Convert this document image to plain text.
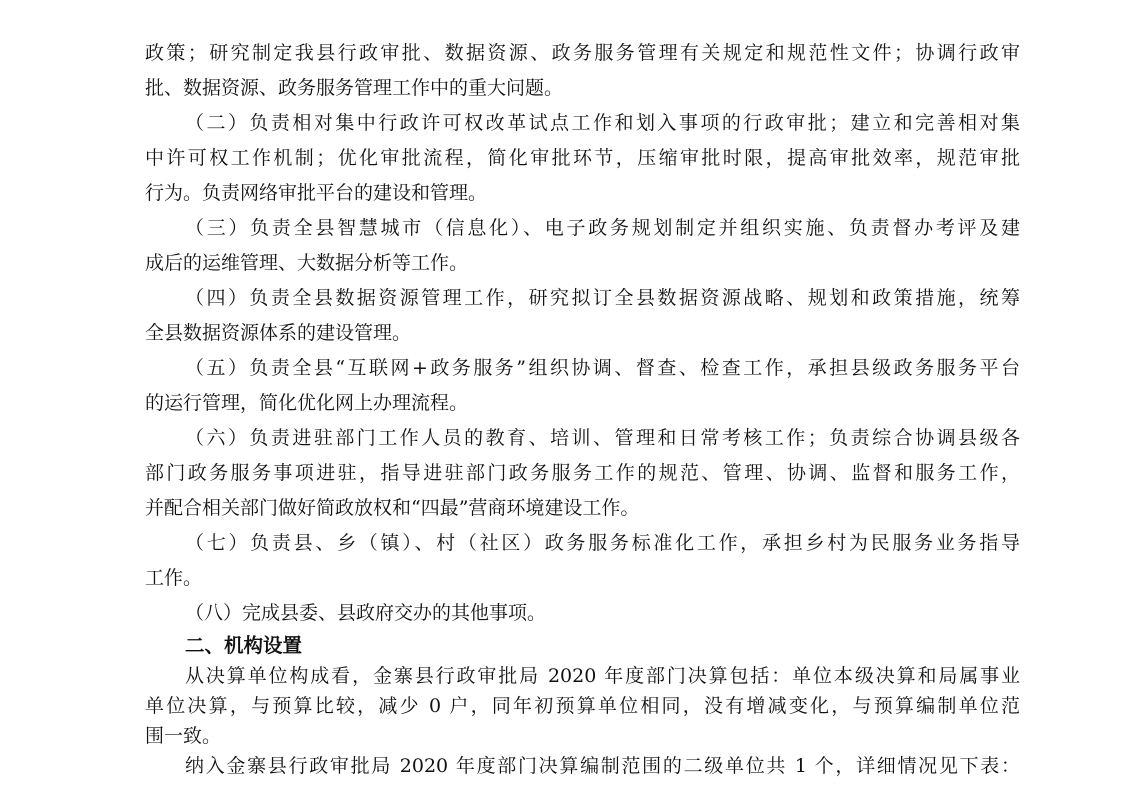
政策；研究制定我县行政审批、数据资源、政务服务管理有关规定和规范性文件；协调行政审
批、数据资源、政务服务管理工作中的重大问题。
（二）负责相对集中行政许可权改革试点工作和划入事项的行政审批；建立和完善相对集
中许可权工作机制；优化审批流程，简化审批环节，压缩审批时限，提高审批效率，规范审批
行为。负责网络审批平台的建设和管理。
（三）负责全县智慧城市（信息化）、电子政务规划制定并组织实施、负责督办考评及建
成后的运维管理、大数据分析等工作。
（四）负责全县数据资源管理工作，研究拟订全县数据资源战略、规划和政策措施，统筹
全县数据资源体系的建设管理。
（五）负责全县“互联网+政务服务”组织协调、督查、检查工作，承担县级政务服务平台
的运行管理，简化优化网上办理流程。
（六）负责进驻部门工作人员的教育、培训、管理和日常考核工作；负责综合协调县级各
部门政务服务事项进驻，指导进驻部门政务服务工作的规范、管理、协调、监督和服务工作，
并配合相关部门做好简政放权和“四最”营商环境建设工作。
（七）负责县、乡（镇）、村（社区）政务服务标准化工作，承担乡村为民服务业务指导
工作。
（八）完成县委、县政府交办的其他事项。
二、机构设置
从决算单位构成看，金寨县行政审批局 2020 年度部门决算包括：单位本级决算和局属事业
单位决算，与预算比较，减少 0 户，同年初预算单位相同，没有增减变化，与预算编制单位范
围一致。
纳入金寨县行政审批局 2020 年度部门决算编制范围的二级单位共 1 个，详细情况见下表：
